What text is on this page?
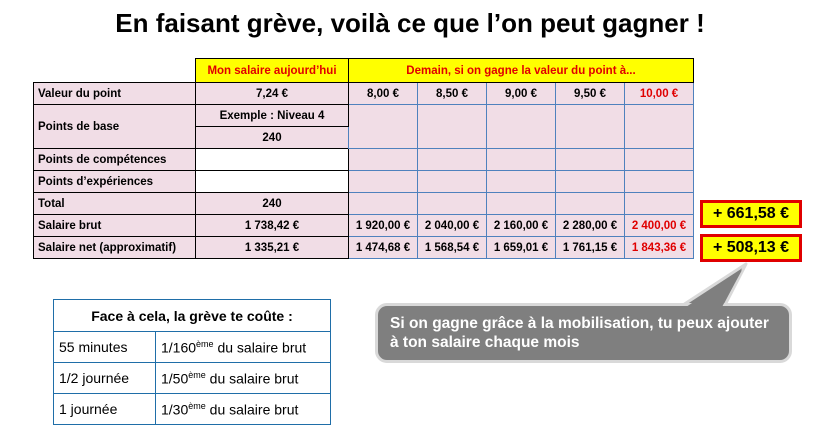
En faisant grève, voilà ce que l’on peut gagner !
	Mon salaire aujourd’hui	Demain, si on gagne la valeur du point à...				
Valeur du point	7,24 €	8,00 €	8,50 €	9,00 €	9,50 €	10,00 €
Points de base	Exemple : Niveau 4					
	240					
Points de compétences						
Points d’expériences						
Total	240					
Salaire brut	1 738,42 €	1 920,00 €	2 040,00 €	2 160,00 €	2 280,00 €	2 400,00 €
Salaire net (approximatif)	1 335,21 €	1 474,68 €	1 568,54 €	1 659,01 €	1 761,15 €	1 843,36 €
+ 661,58 €
+ 508,13 €
Si on gagne grâce à la mobilisation, tu peux ajouter à ton salaire chaque mois
Face à cela, la grève te coûte :	
55 minutes	1/160ème du salaire brut
1/2 journée	1/50ème du salaire brut
1 journée	1/30ème du salaire brut
